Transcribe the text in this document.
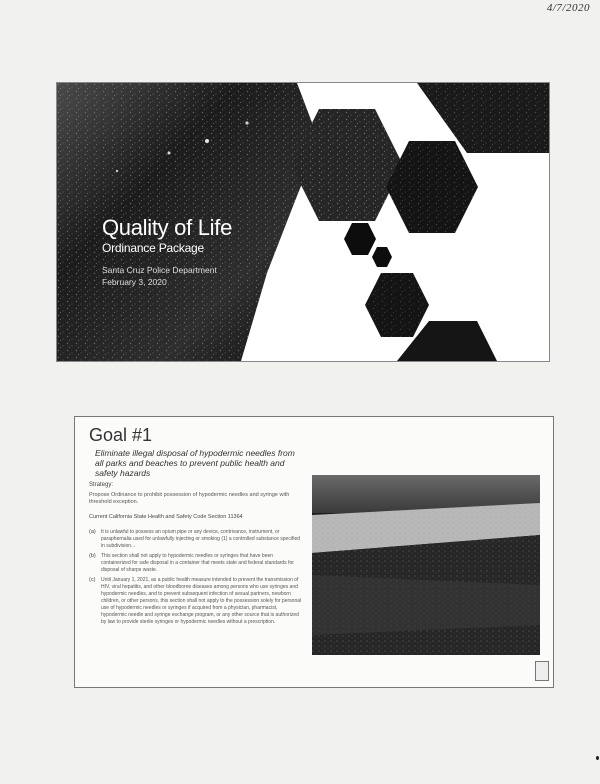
4/7/2020
Quality of Life
Ordinance Package
Santa Cruz Police Department
February 3, 2020
Goal #1
Eliminate illegal disposal of hypodermic needles from all parks and beaches to prevent public health and safety hazards
Strategy:
Propose Ordinance to prohibit possession of hypodermic needles and syringe with threshold exception.
Current California State Health and Safety Code Section 11364
(a)	It is unlawful to possess an opium pipe or any device, contrivance, instrument, or paraphernalia used for unlawfully injecting or smoking (1) a controlled substance specified in subdivision...
(b)	This section shall not apply to hypodermic needles or syringes that have been containerized for safe disposal in a container that meets state and federal standards for disposal of sharps waste.
(c)	Until January 1, 2021, as a public health measure intended to prevent the transmission of HIV, viral hepatitis, and other bloodborne diseases among persons who use syringes and hypodermic needles, and to prevent subsequent infection of sexual partners, newborn children, or other persons, this section shall not apply to the possession solely for personal use of hypodermic needles or syringes if acquired from a physician, pharmacist, hypodermic needle and syringe exchange program, or any other source that is authorized by law to provide sterile syringes or hypodermic needles without a prescription.
